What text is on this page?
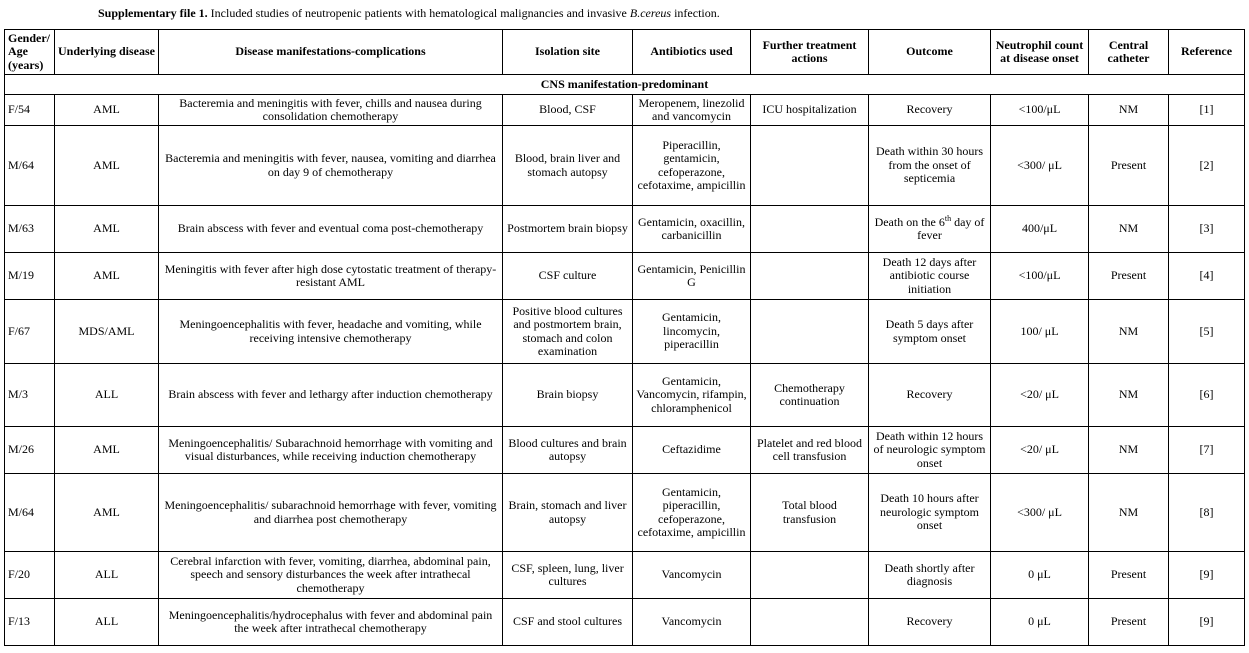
Supplementary file 1. Included studies of neutropenic patients with hematological malignancies and invasive B.cereus infection.
Gender/ Age (years)	Underlying disease	Disease manifestations-complications	Isolation site	Antibiotics used	Further treatment actions	Outcome	Neutrophil count at disease onset	Central catheter	Reference
CNS manifestation-predominant									
F/54	AML	Bacteremia and meningitis with fever, chills and nausea during consolidation chemotherapy	Blood, CSF	Meropenem, linezolid and vancomycin	ICU hospitalization	Recovery	<100/μL	NM	[1]
M/64	AML	Bacteremia and meningitis with fever, nausea, vomiting and diarrhea on day 9 of chemotherapy	Blood, brain liver and stomach autopsy	Piperacillin, gentamicin, cefoperazone, cefotaxime, ampicillin		Death within 30 hours from the onset of septicemia	<300/ μL	Present	[2]
M/63	AML	Brain abscess with fever and eventual coma post-chemotherapy	Postmortem brain biopsy	Gentamicin, oxacillin, carbanicillin		Death on the 6th day of fever	400/μL	NM	[3]
M/19	AML	Meningitis with fever after high dose cytostatic treatment of therapy-resistant AML	CSF culture	Gentamicin, Penicillin G		Death 12 days after antibiotic course initiation	<100/μL	Present	[4]
F/67	MDS/AML	Meningoencephalitis with fever, headache and vomiting, while receiving intensive chemotherapy	Positive blood cultures and postmortem brain, stomach and colon examination	Gentamicin, lincomycin, piperacillin		Death 5 days after symptom onset	100/ μL	NM	[5]
M/3	ALL	Brain abscess with fever and lethargy after induction chemotherapy	Brain biopsy	Gentamicin, Vancomycin, rifampin, chloramphenicol	Chemotherapy continuation	Recovery	<20/ μL	NM	[6]
M/26	AML	Meningoencephalitis/ Subarachnoid hemorrhage with vomiting and visual disturbances, while receiving induction chemotherapy	Blood cultures and brain autopsy	Ceftazidime	Platelet and red blood cell transfusion	Death within 12 hours of neurologic symptom onset	<20/ μL	NM	[7]
M/64	AML	Meningoencephalitis/ subarachnoid hemorrhage with fever, vomiting and diarrhea post chemotherapy	Brain, stomach and liver autopsy	Gentamicin, piperacillin, cefoperazone, cefotaxime, ampicillin	Total blood transfusion	Death 10 hours after neurologic symptom onset	<300/ μL	NM	[8]
F/20	ALL	Cerebral infarction with fever, vomiting, diarrhea, abdominal pain, speech and sensory disturbances the week after intrathecal chemotherapy	CSF, spleen, lung, liver cultures	Vancomycin		Death shortly after diagnosis	0 μL	Present	[9]
F/13	ALL	Meningoencephalitis/hydrocephalus with fever and abdominal pain the week after intrathecal chemotherapy	CSF and stool cultures	Vancomycin		Recovery	0 μL	Present	[9]
